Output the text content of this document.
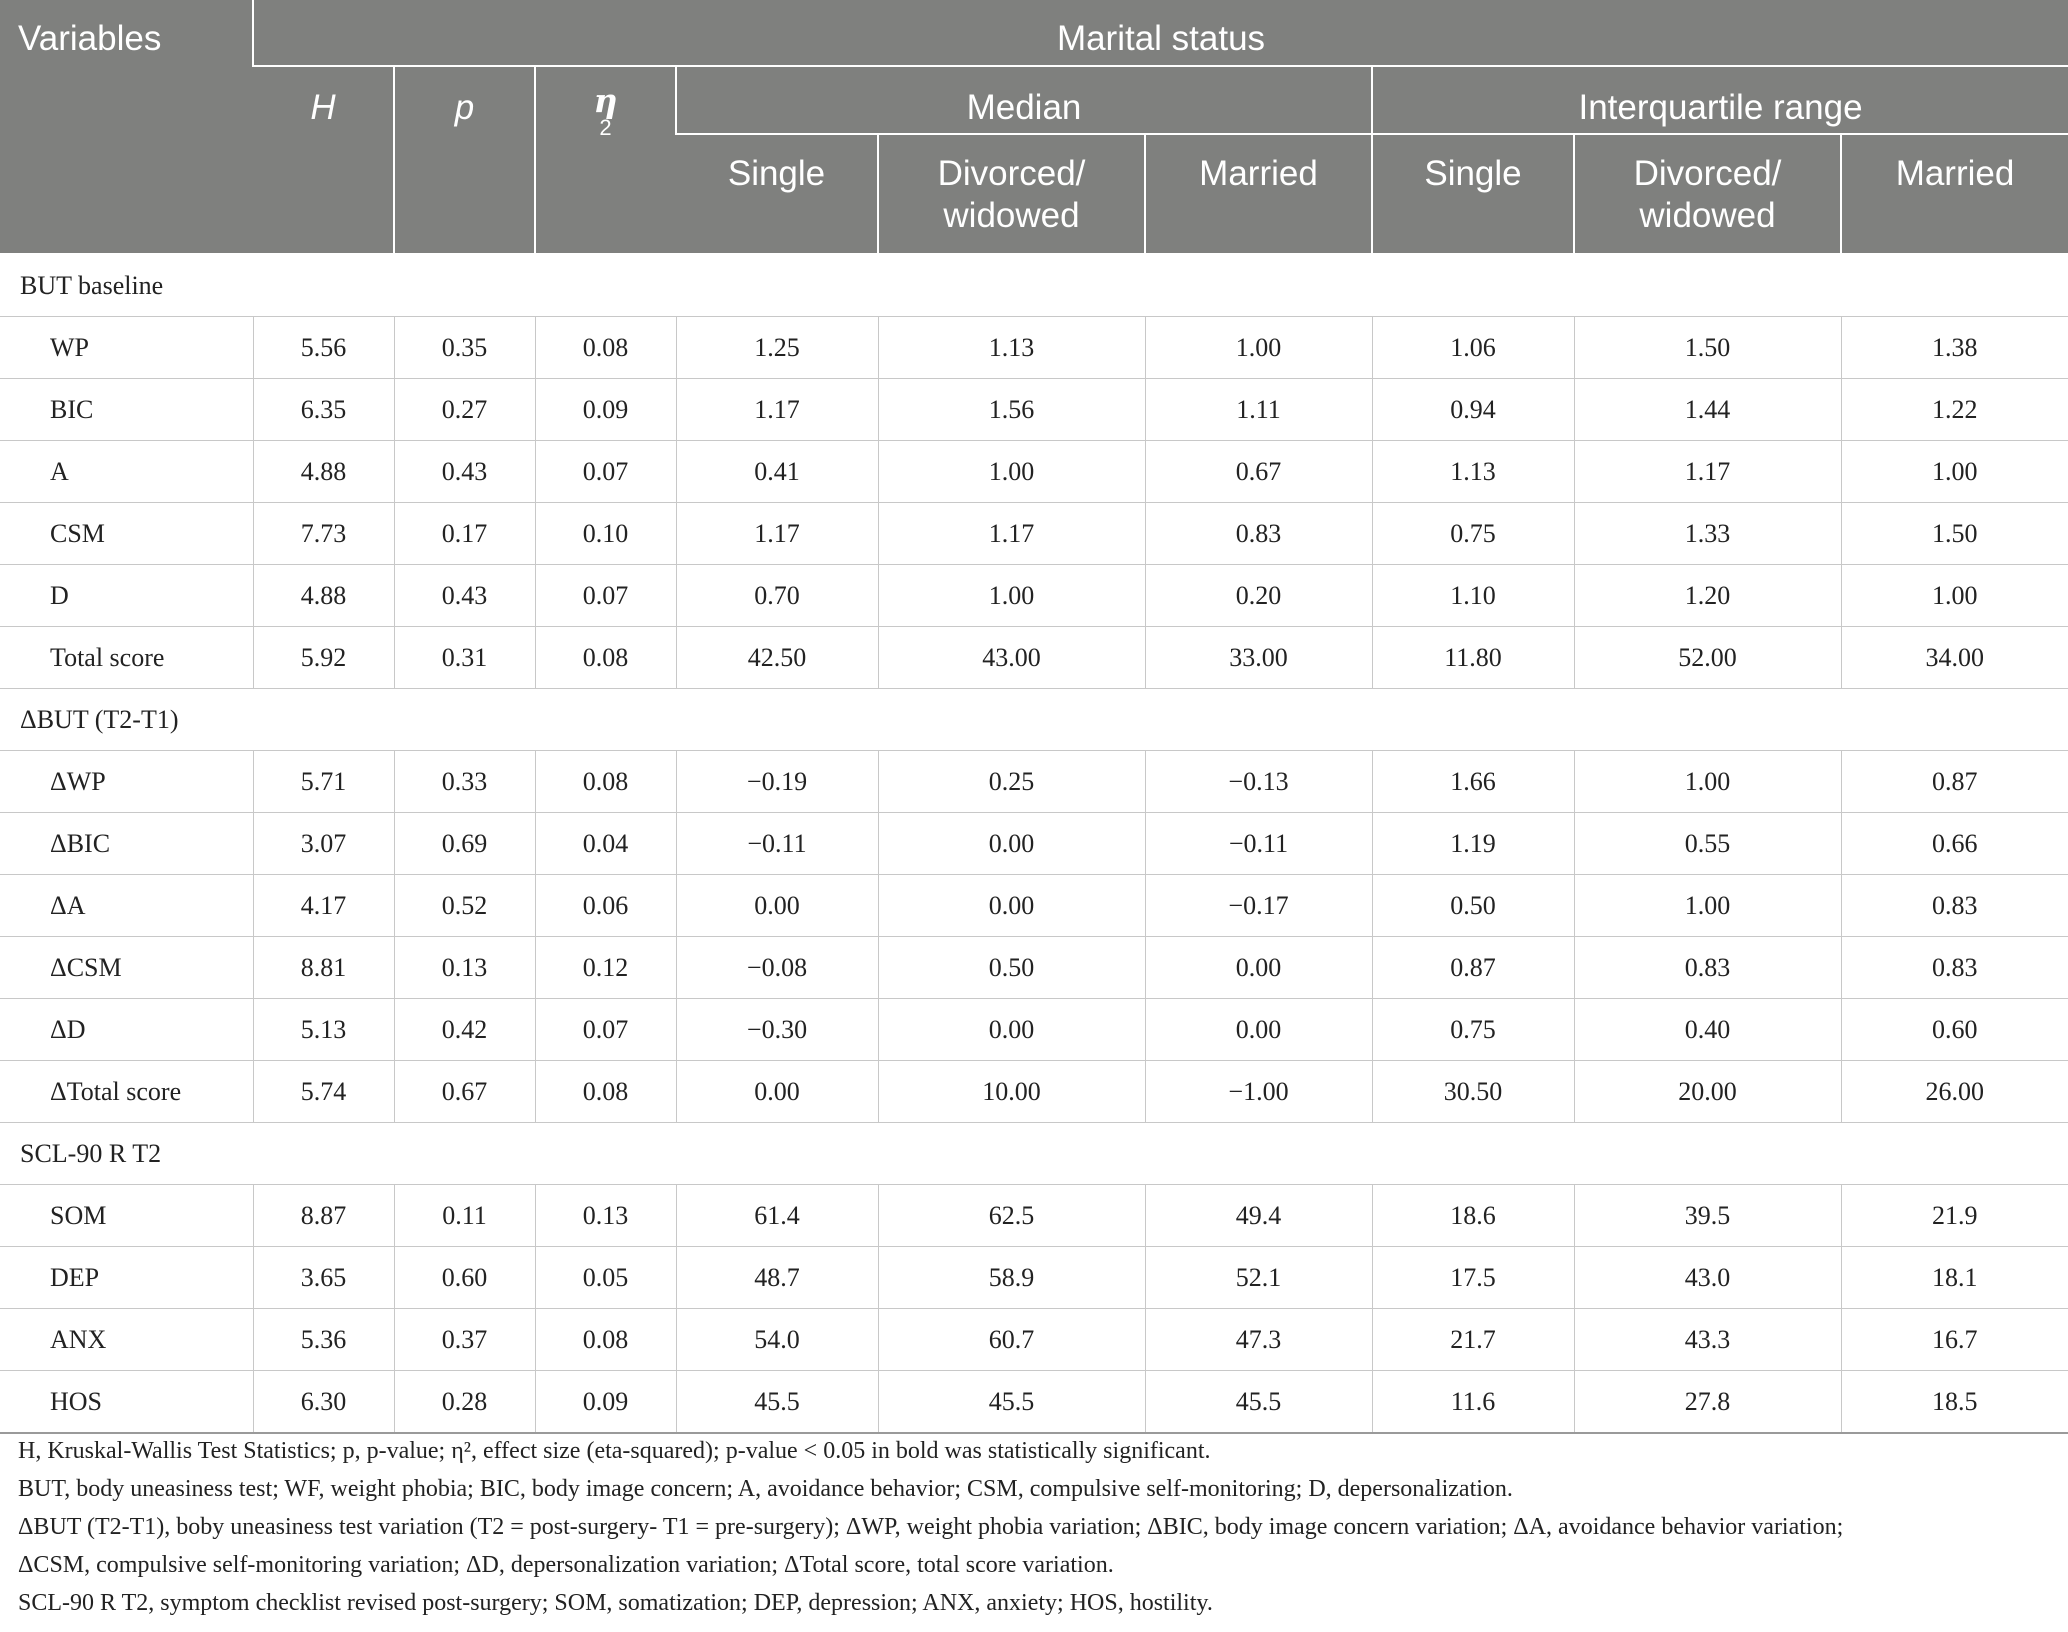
Variables	Marital status								
	H	p	η
2	Median			Interquartile range		
				Single	Divorced/ widowed	Married	Single	Divorced/ widowed	Married
BUT baseline									
WP	5.56	0.35	0.08	1.25	1.13	1.00	1.06	1.50	1.38
BIC	6.35	0.27	0.09	1.17	1.56	1.11	0.94	1.44	1.22
A	4.88	0.43	0.07	0.41	1.00	0.67	1.13	1.17	1.00
CSM	7.73	0.17	0.10	1.17	1.17	0.83	0.75	1.33	1.50
D	4.88	0.43	0.07	0.70	1.00	0.20	1.10	1.20	1.00
Total score	5.92	0.31	0.08	42.50	43.00	33.00	11.80	52.00	34.00
ΔBUT (T2-T1)									
ΔWP	5.71	0.33	0.08	−0.19	0.25	−0.13	1.66	1.00	0.87
ΔBIC	3.07	0.69	0.04	−0.11	0.00	−0.11	1.19	0.55	0.66
ΔA	4.17	0.52	0.06	0.00	0.00	−0.17	0.50	1.00	0.83
ΔCSM	8.81	0.13	0.12	−0.08	0.50	0.00	0.87	0.83	0.83
ΔD	5.13	0.42	0.07	−0.30	0.00	0.00	0.75	0.40	0.60
ΔTotal score	5.74	0.67	0.08	0.00	10.00	−1.00	30.50	20.00	26.00
SCL-90 R T2									
SOM	8.87	0.11	0.13	61.4	62.5	49.4	18.6	39.5	21.9
DEP	3.65	0.60	0.05	48.7	58.9	52.1	17.5	43.0	18.1
ANX	5.36	0.37	0.08	54.0	60.7	47.3	21.7	43.3	16.7
HOS	6.30	0.28	0.09	45.5	45.5	45.5	11.6	27.8	18.5
H, Kruskal-Wallis Test Statistics; p, p-value; η², effect size (eta-squared); p-value < 0.05 in bold was statistically significant.
BUT, body uneasiness test; WF, weight phobia; BIC, body image concern; A, avoidance behavior; CSM, compulsive self-monitoring; D, depersonalization.
ΔBUT (T2-T1), boby uneasiness test variation (T2 = post-surgery- T1 = pre-surgery); ΔWP, weight phobia variation; ΔBIC, body image concern variation; ΔA, avoidance behavior variation;
ΔCSM, compulsive self-monitoring variation; ΔD, depersonalization variation; ΔTotal score, total score variation.
SCL-90 R T2, symptom checklist revised post-surgery; SOM, somatization; DEP, depression; ANX, anxiety; HOS, hostility.
